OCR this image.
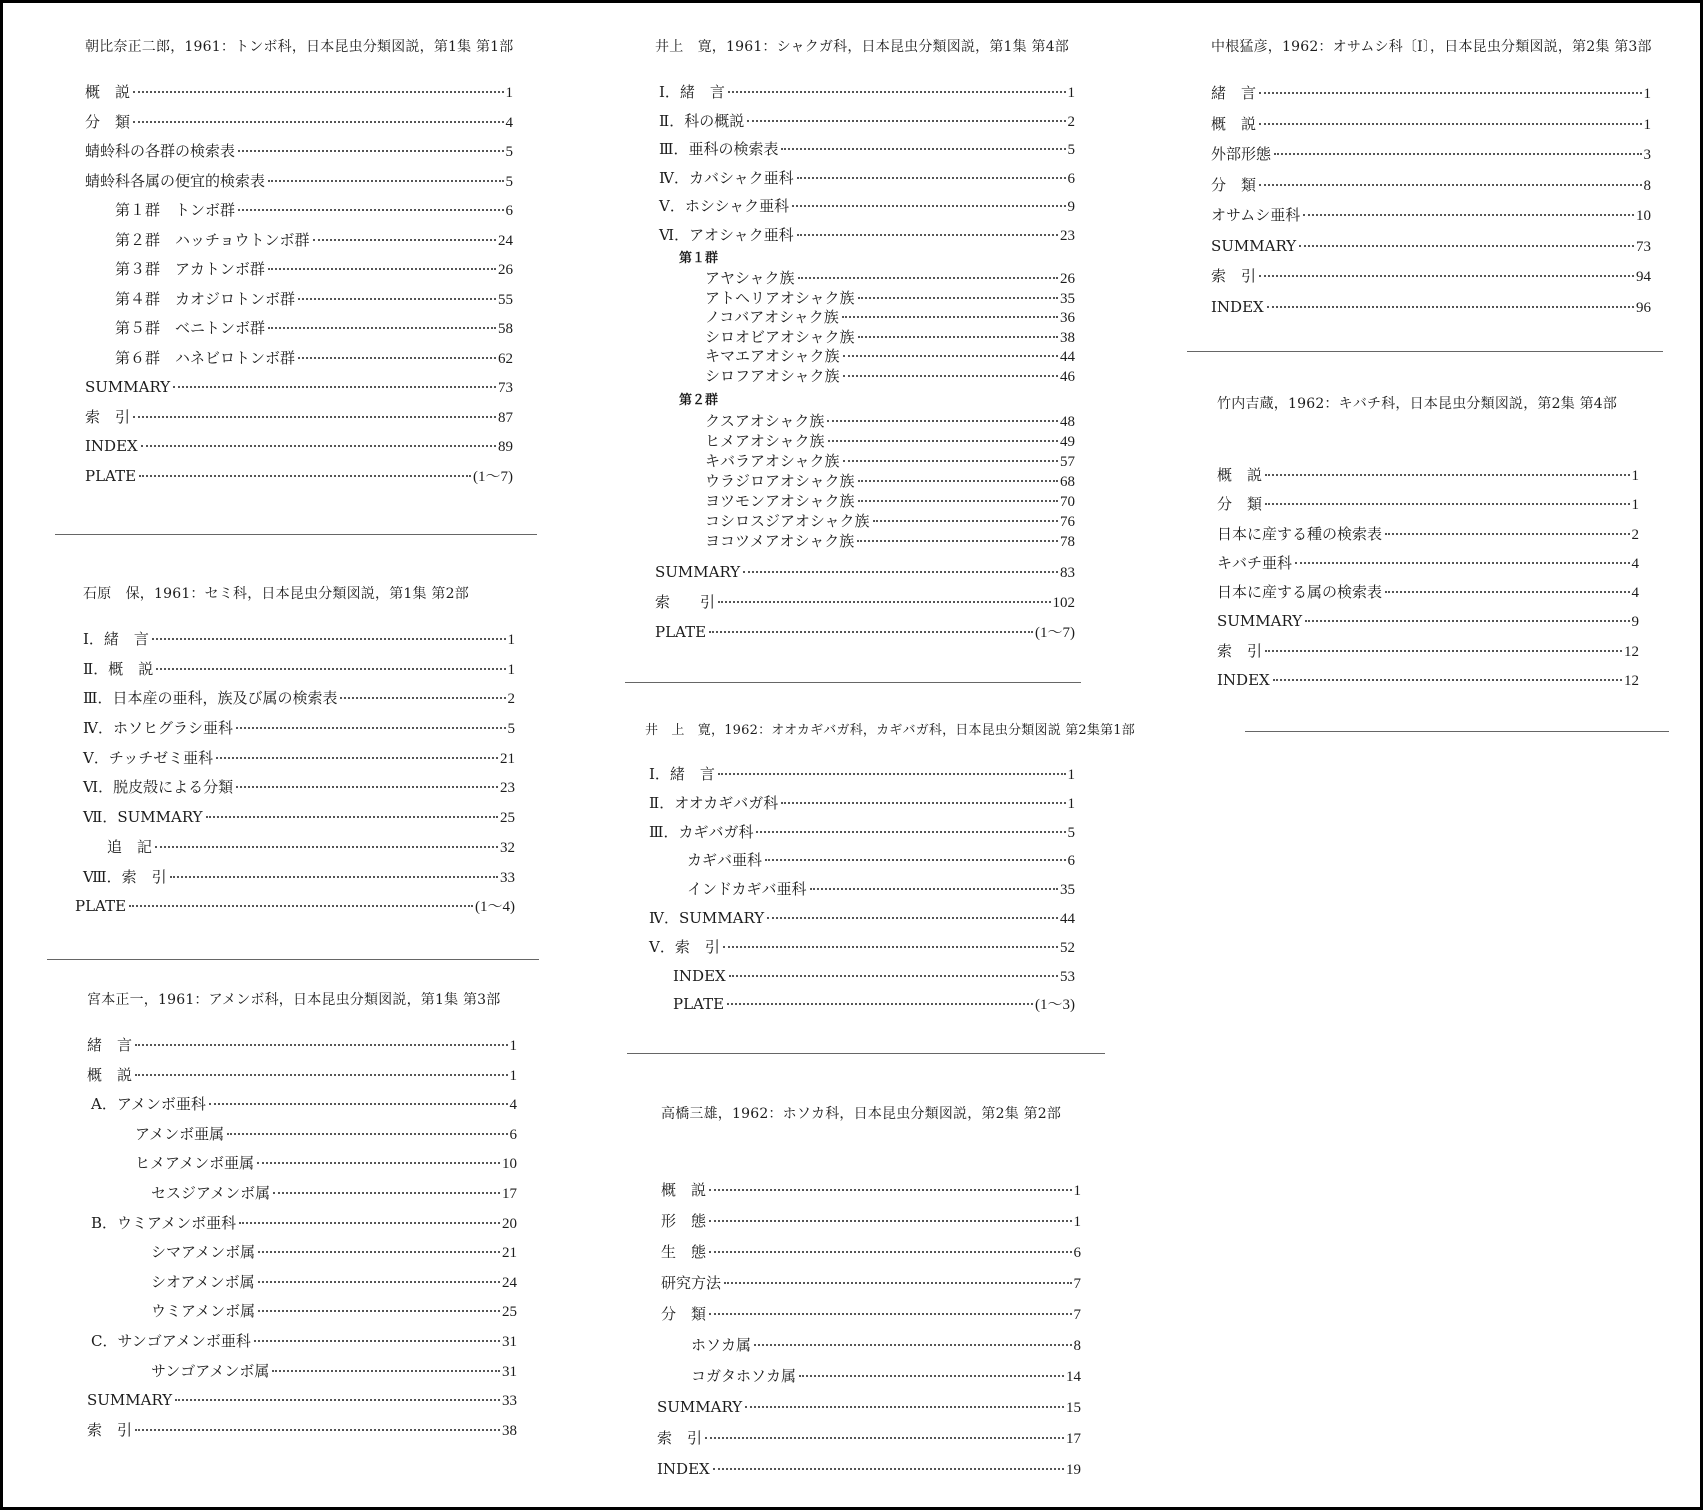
朝比奈正二郎，1961：トンボ科，日本昆虫分類図説，第1集 第1部
概　説	1
分　類	4
蜻蛉科の各群の検索表	5
蜻蛉科各属の便宜的検索表	5
第１群　トンボ群	6
第２群　ハッチョウトンボ群	24
第３群　アカトンボ群	26
第４群　カオジロトンボ群	55
第５群　ベニトンボ群	58
第６群　ハネビロトンボ群	62
SUMMARY	73
索　引	87
INDEX	89
PLATE	(1～7)
石原　保，1961：セミ科，日本昆虫分類図説，第1集 第2部
Ⅰ．緒　言	1
Ⅱ．概　説	1
Ⅲ．日本産の亜科，族及び属の検索表	2
Ⅳ．ホソヒグラシ亜科	5
Ⅴ．チッチゼミ亜科	21
Ⅵ．脱皮殻による分類	23
Ⅶ．SUMMARY	25
追　記	32
Ⅷ．索　引	33
PLATE	(1～4)
宮本正一，1961：アメンボ科，日本昆虫分類図説，第1集 第3部
緒　言	1
概　説	1
A．アメンボ亜科	4
アメンボ亜属	6
ヒメアメンボ亜属	10
セスジアメンボ属	17
B．ウミアメンボ亜科	20
シマアメンボ属	21
シオアメンボ属	24
ウミアメンボ属	25
C．サンゴアメンボ亜科	31
サンゴアメンボ属	31
SUMMARY	33
索　引	38
井上　寛，1961：シャクガ科，日本昆虫分類図説，第1集 第4部
Ⅰ．緒　言	1
Ⅱ．科の概説	2
Ⅲ．亜科の検索表	5
Ⅳ．カバシャク亜科	6
Ⅴ．ホシシャク亜科	9
Ⅵ．アオシャク亜科	23
第１群
アヤシャク族	26
アトヘリアオシャク族	35
ノコバアオシャク族	36
シロオビアオシャク族	38
キマエアオシャク族	44
シロフアオシャク族	46
第２群
クスアオシャク族	48
ヒメアオシャク族	49
キバラアオシャク族	57
ウラジロアオシャク族	68
ヨツモンアオシャク族	70
コシロスジアオシャク族	76
ヨコツメアオシャク族	78
SUMMARY	83
索　　引	102
PLATE	(1～7)
井　上　寛，1962：オオカギバガ科，カギバガ科，日本昆虫分類図説 第2集第1部
Ⅰ．緒　言	1
Ⅱ．オオカギバガ科	1
Ⅲ．カギバガ科	5
カギバ亜科	6
インドカギバ亜科	35
Ⅳ．SUMMARY	44
Ⅴ．索　引	52
INDEX	53
PLATE	(1～3)
高橋三雄，1962：ホソカ科，日本昆虫分類図説，第2集 第2部
概　説	1
形　態	1
生　態	6
研究方法	7
分　類	7
ホソカ属	8
コガタホソカ属	14
SUMMARY	15
索　引	17
INDEX	19
中根猛彦，1962：オサムシ科〔Ⅰ〕，日本昆虫分類図説，第2集 第3部
緒　言	1
概　説	1
外部形態	3
分　類	8
オサムシ亜科	10
SUMMARY	73
索　引	94
INDEX	96
竹内吉蔵，1962：キバチ科，日本昆虫分類図説，第2集 第4部
概　説	1
分　類	1
日本に産する種の検索表	2
キバチ亜科	4
日本に産する属の検索表	4
SUMMARY	9
索　引	12
INDEX	12
